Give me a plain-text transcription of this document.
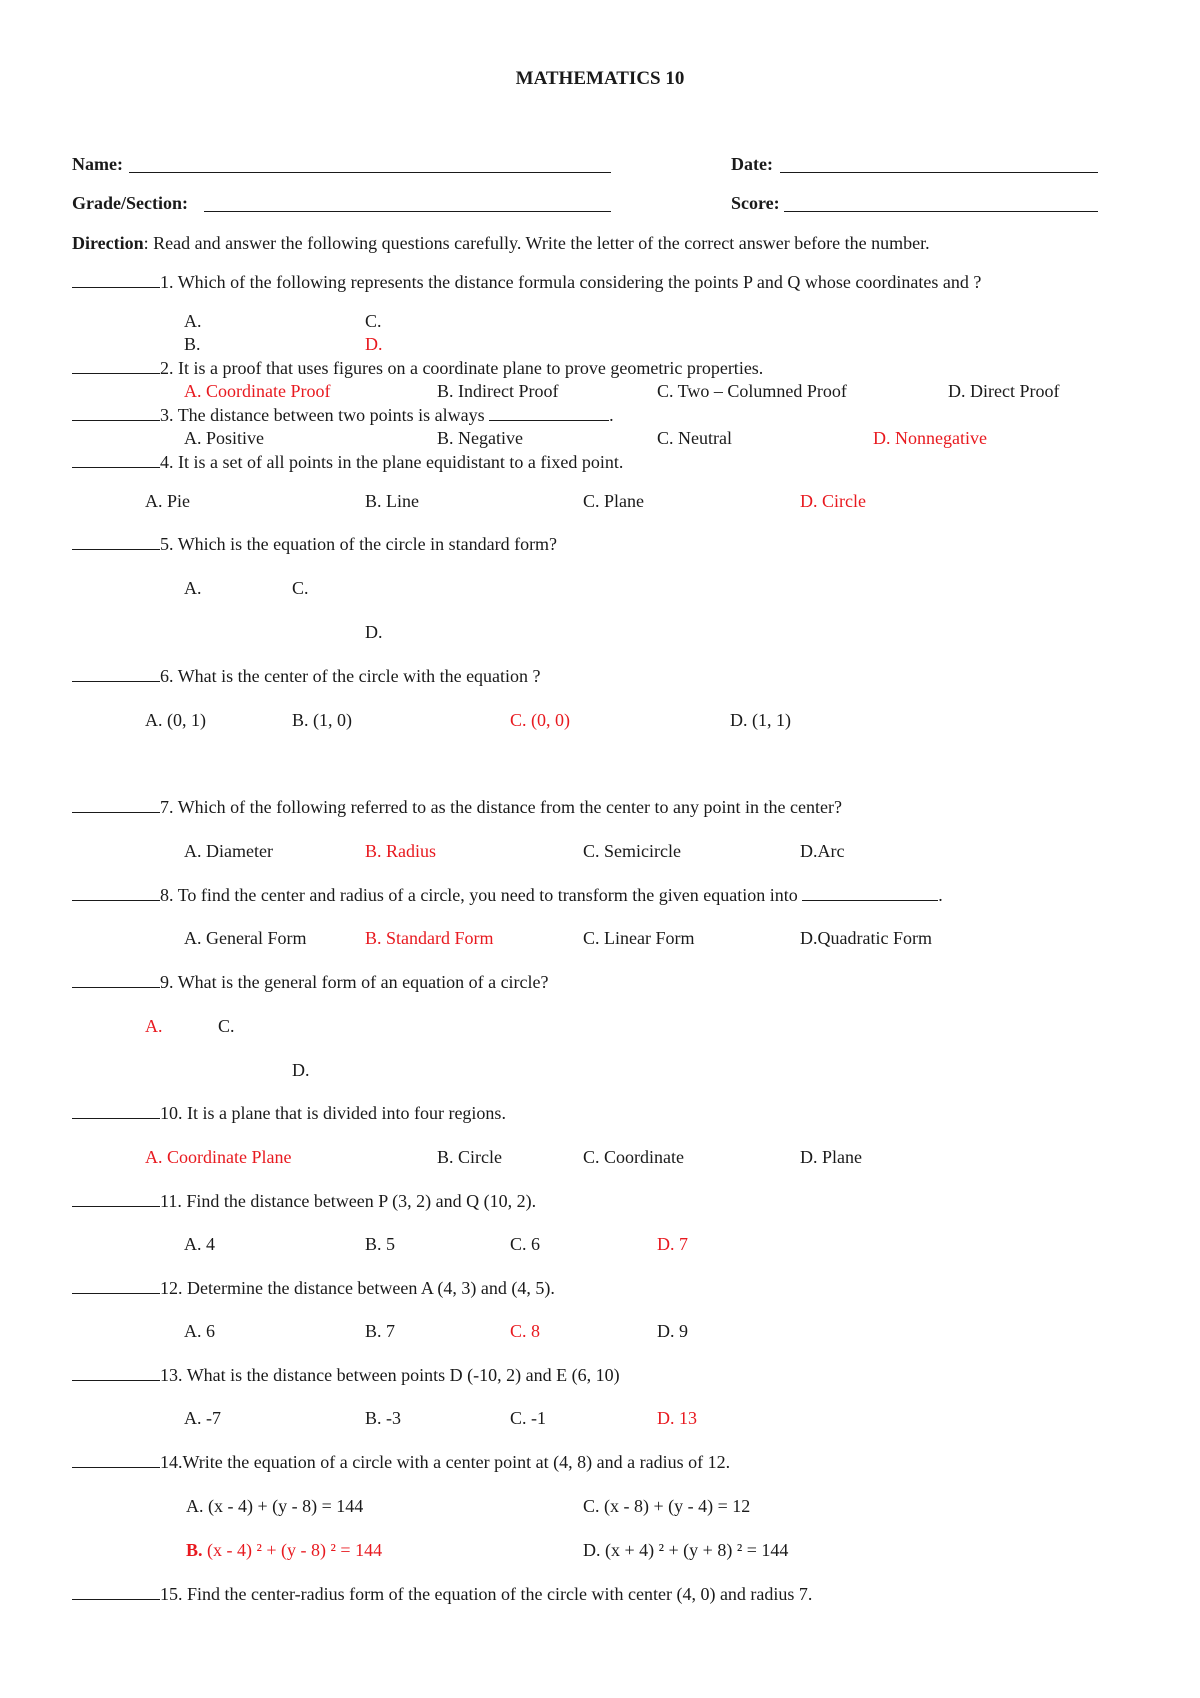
MATHEMATICS 10
Name:	Date:
Grade/Section:	Score:
Direction: Read and answer the following questions carefully. Write the letter of the correct answer before the number.
1. Which of the following represents the distance formula considering the points P and Q whose coordinates and ?
A.	C.
B.	D.
2. It is a proof that uses figures on a coordinate plane to prove geometric properties.
A. Coordinate Proof	B. Indirect Proof	C. Two – Columned Proof	D. Direct Proof
3. The distance between two points is always	.
A. Positive	B. Negative	C. Neutral	D. Nonnegative
4. It is a set of all points in the plane equidistant to a fixed point.
A. Pie	B. Line	C. Plane	D. Circle
5. Which is the equation of the circle in standard form?
A.	C.
D.
6. What is the center of the circle with the equation ?
A. (0, 1)	B. (1, 0)	C. (0, 0)	D. (1, 1)
7. Which of the following referred to as the distance from the center to any point in the center?
A. Diameter	B. Radius	C. Semicircle	D.Arc
8. To find the center and radius of a circle, you need to transform the given equation into	.
A. General Form	B. Standard Form	C. Linear Form	D.Quadratic Form
9. What is the general form of an equation of a circle?
A.	C.
D.
10. It is a plane that is divided into four regions.
A. Coordinate Plane	B. Circle	C. Coordinate	D. Plane
11. Find the distance between P (3, 2) and Q (10, 2).
A. 4	B. 5	C. 6	D. 7
12. Determine the distance between A (4, 3) and (4, 5).
A. 6	B. 7	C. 8	D. 9
13. What is the distance between points D (-10, 2) and E (6, 10)
A. -7	B. -3	C. -1	D. 13
14.Write the equation of a circle with a center point at (4, 8) and a radius of 12.
A. (x - 4) + (y - 8) = 144	C. (x - 8) + (y - 4) = 12
B. (x - 4) ² + (y - 8) ² = 144	D. (x + 4) ² + (y + 8) ² = 144
15. Find the center-radius form of the equation of the circle with center (4, 0) and radius 7.
